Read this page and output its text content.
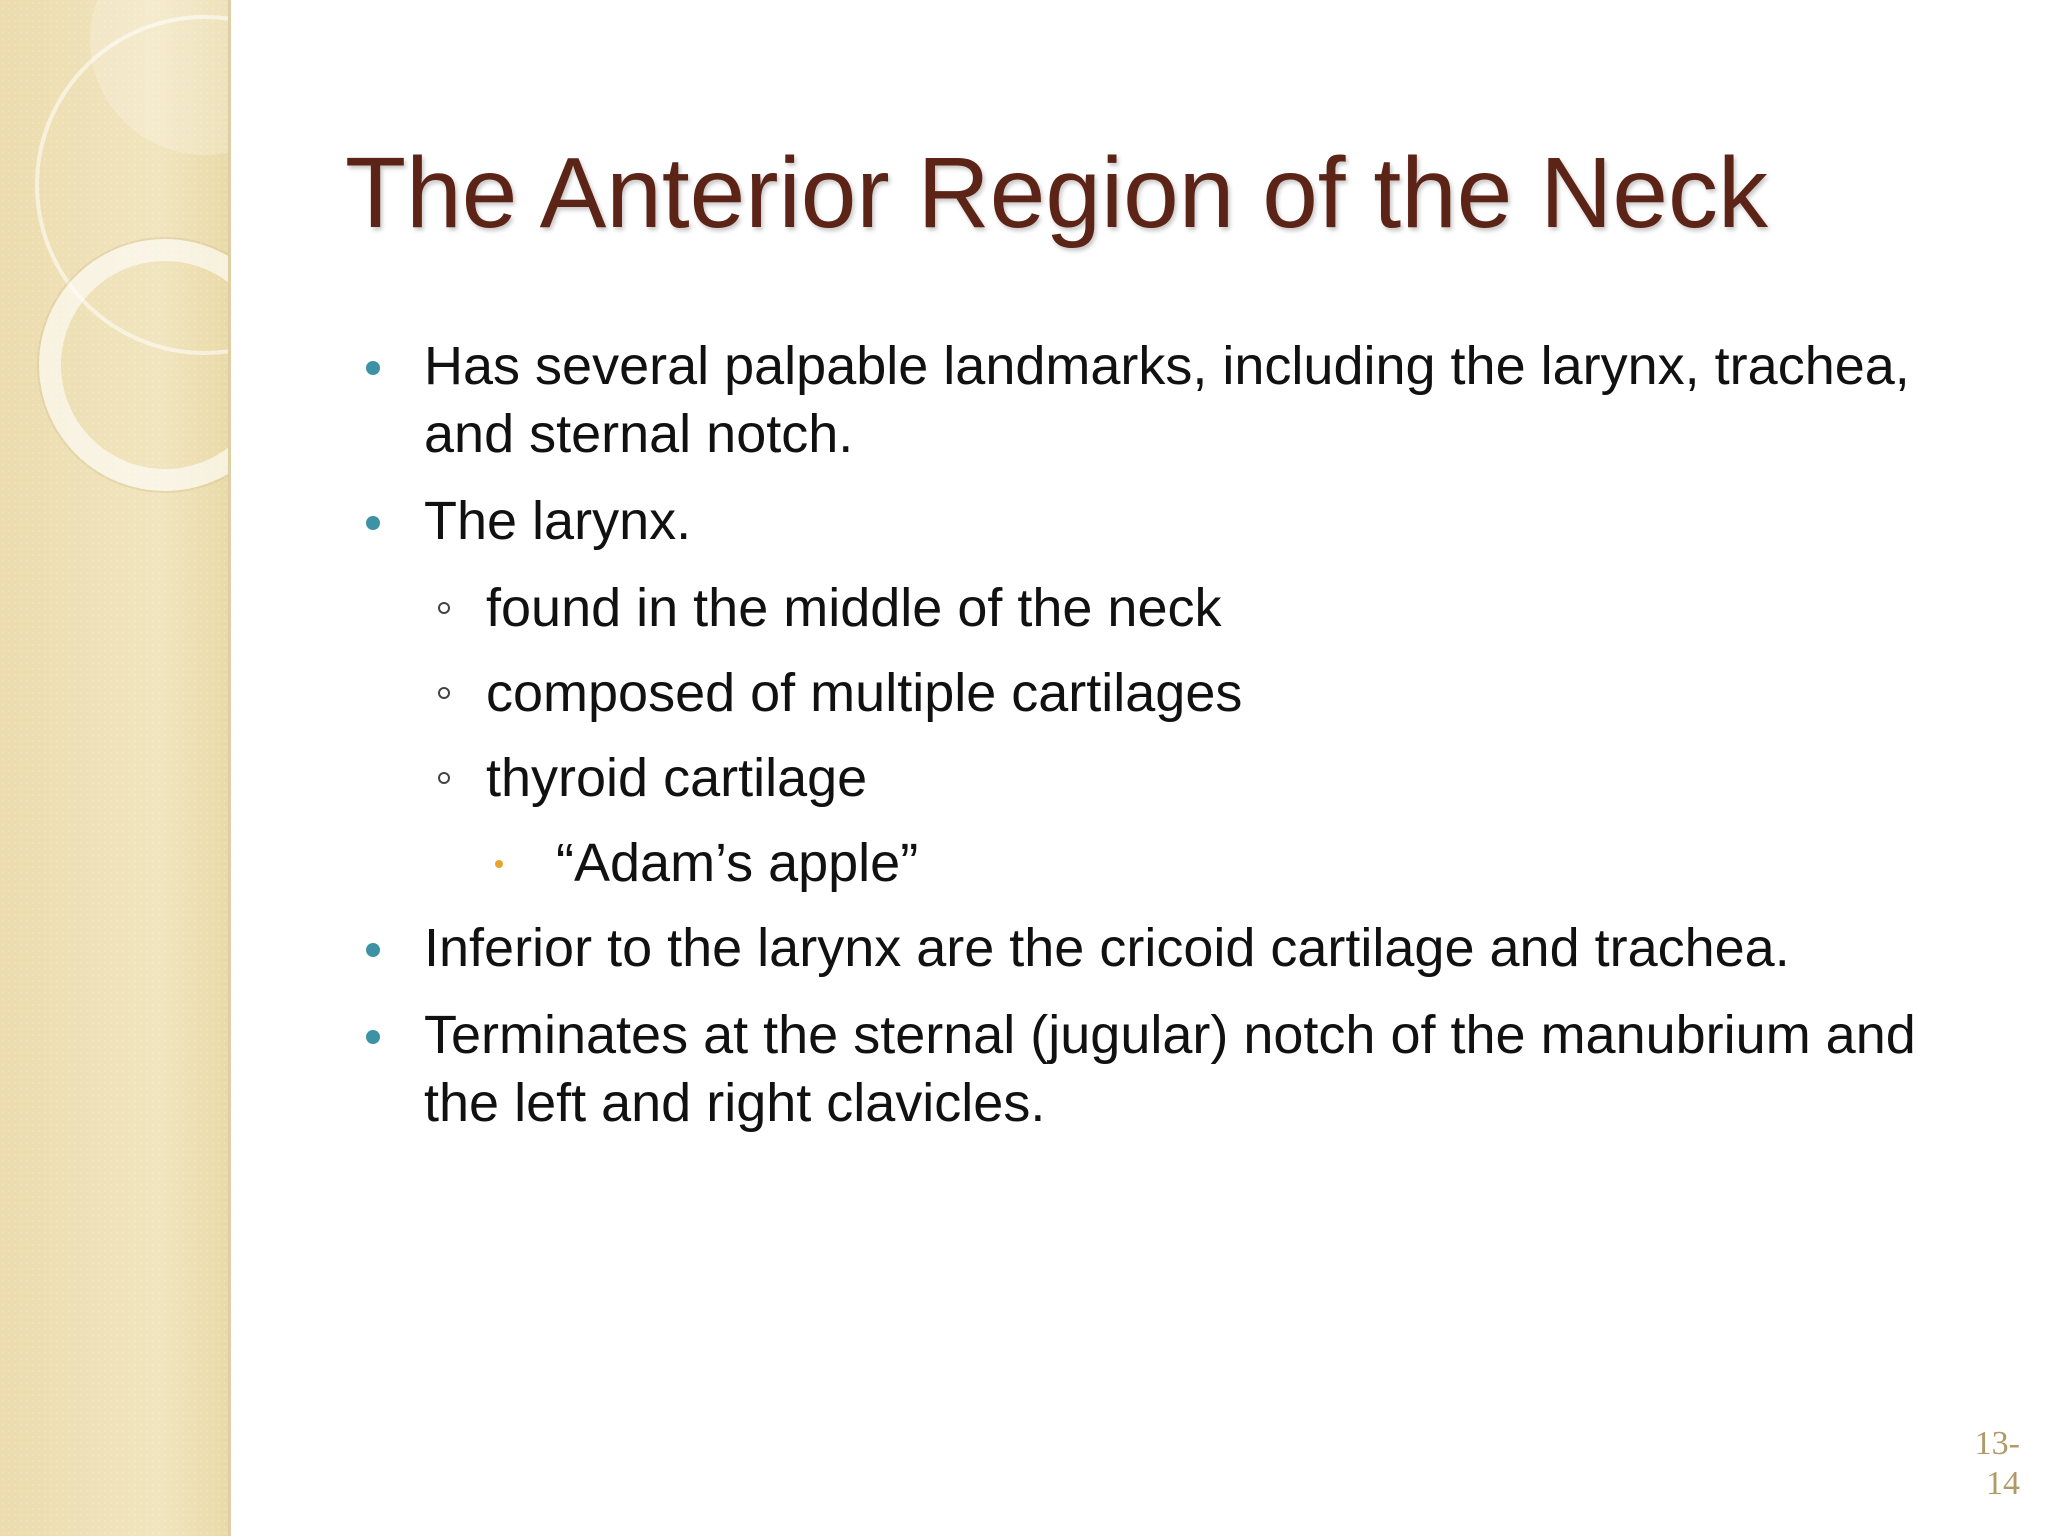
The Anterior Region of the Neck
Has several palpable landmarks, including the larynx, trachea, and sternal notch.
The larynx.
found in the middle of the neck
composed of multiple cartilages
thyroid cartilage
“Adam’s apple”
Inferior to the larynx are the cricoid cartilage and trachea.
Terminates at the sternal (jugular) notch of the manubrium and the left and right clavicles.
13-
14
